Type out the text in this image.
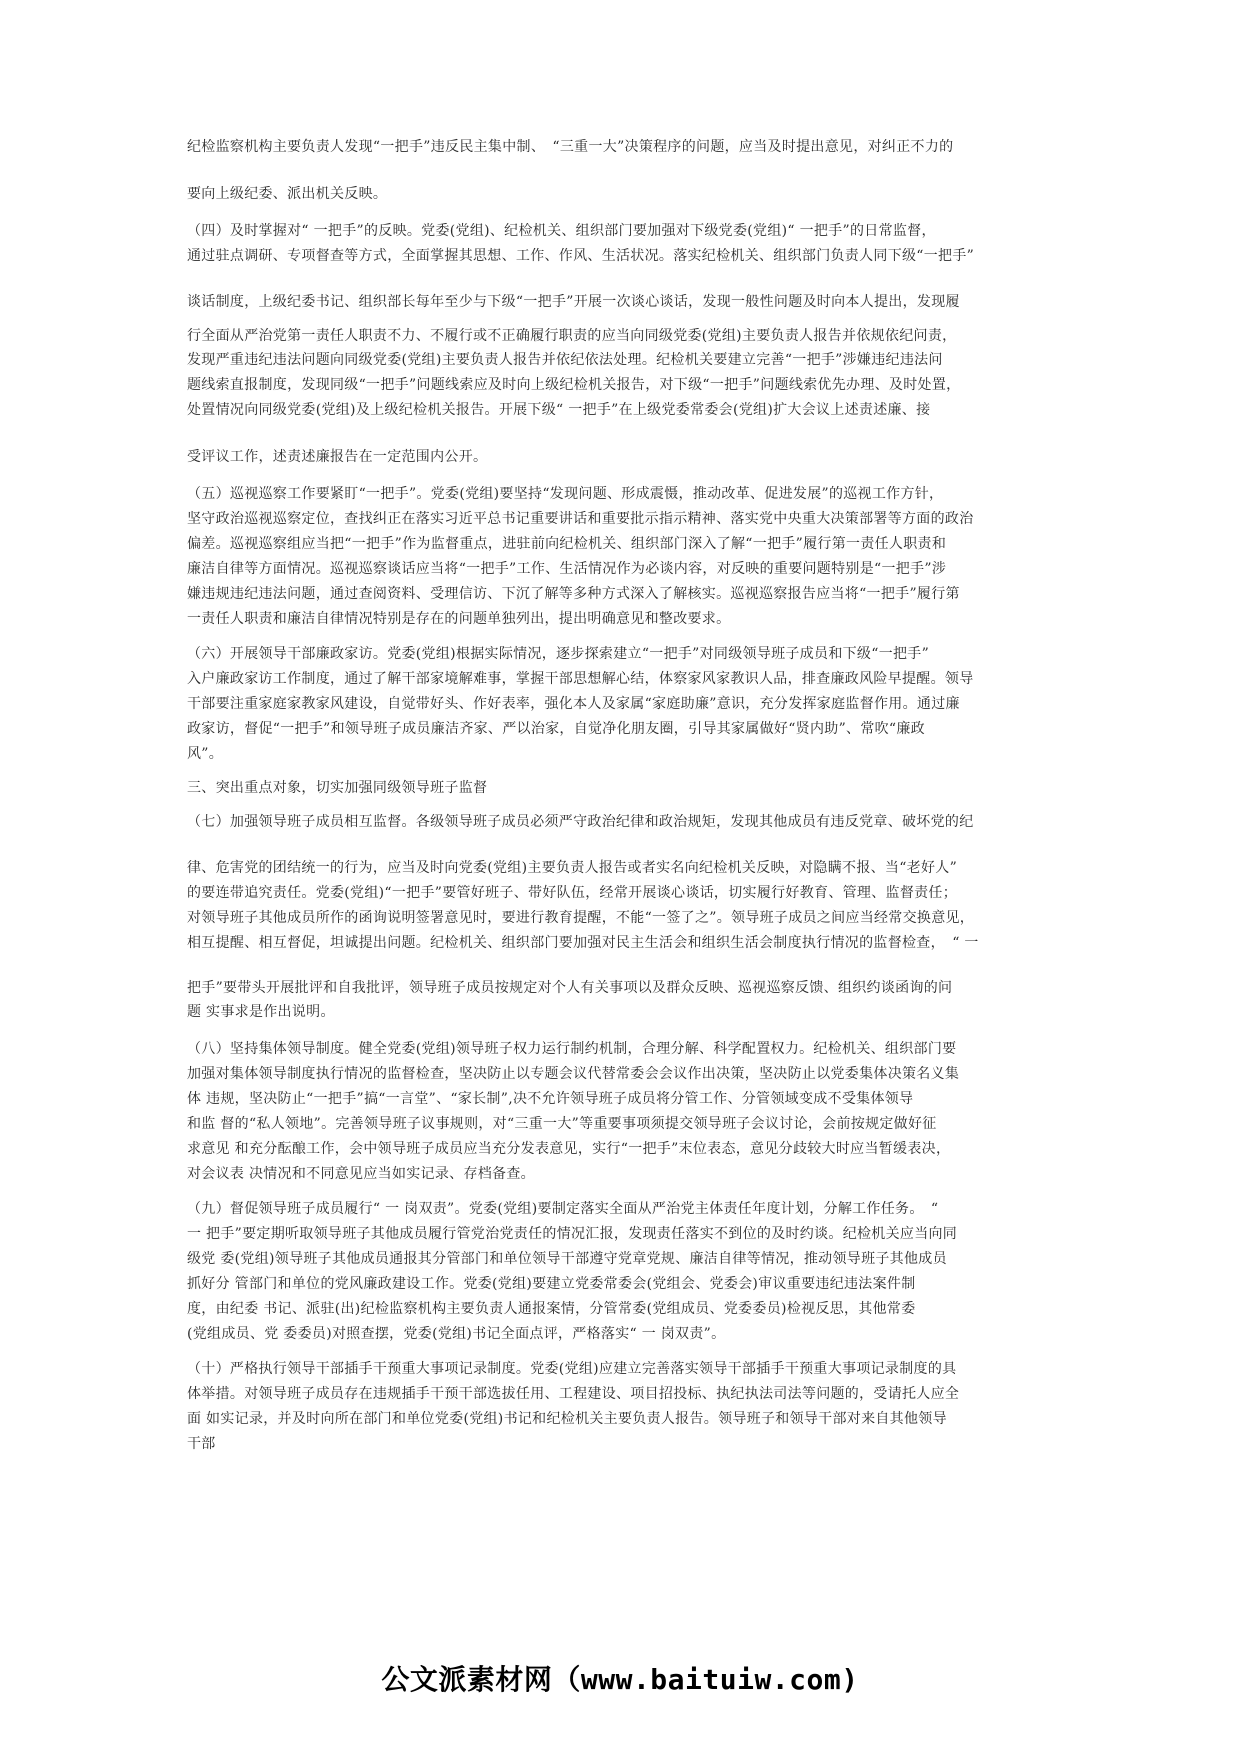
纪检监察机构主要负责人发现“一把手”违反民主集中制、　“三重一大”决策程序的问题，应当及时提出意见，对纠正不力的

要向上级纪委、派出机关反映。

（四）及时掌握对“ 一把手”的反映。党委(党组)、纪检机关、组织部门要加强对下级党委(党组)“ 一把手”的日常监督，

通过驻点调研、专项督查等方式，全面掌握其思想、工作、作风、生活状况。落实纪检机关、组织部门负责人同下级“一把手”

谈话制度，上级纪委书记、组织部长每年至少与下级“一把手”开展一次谈心谈话，发现一般性问题及时向本人提出，发现履

行全面从严治党第一责任人职责不力、不履行或不正确履行职责的应当向同级党委(党组)主要负责人报告并依规依纪问责，

发现严重违纪违法问题向同级党委(党组)主要负责人报告并依纪依法处理。纪检机关要建立完善“一把手”涉嫌违纪违法问

题线索直报制度，发现同级“一把手”问题线索应及时向上级纪检机关报告，对下级“一把手”问题线索优先办理、及时处置，

处置情况向同级党委(党组)及上级纪检机关报告。开展下级“ 一把手”在上级党委常委会(党组)扩大会议上述责述廉、接

受评议工作，述责述廉报告在一定范围内公开。

（五）巡视巡察工作要紧盯“一把手”。党委(党组)要坚持“发现问题、形成震慑，推动改革、促进发展”的巡视工作方针，

坚守政治巡视巡察定位，查找纠正在落实习近平总书记重要讲话和重要批示指示精神、落实党中央重大决策部署等方面的政治

偏差。巡视巡察组应当把“一把手”作为监督重点，进驻前向纪检机关、组织部门深入了解“一把手”履行第一责任人职责和

廉洁自律等方面情况。巡视巡察谈话应当将“一把手”工作、生活情况作为必谈内容，对反映的重要问题特别是“一把手”涉

嫌违规违纪违法问题，通过查阅资料、受理信访、下沉了解等多种方式深入了解核实。巡视巡察报告应当将“一把手”履行第

一责任人职责和廉洁自律情况特别是存在的问题单独列出，提出明确意见和整改要求。

（六）开展领导干部廉政家访。党委(党组)根据实际情况，逐步探索建立“一把手”对同级领导班子成员和下级“一把手”

入户廉政家访工作制度，通过了解干部家境解难事，掌握干部思想解心结，体察家风家教识人品，排查廉政风险早提醒。领导

干部要注重家庭家教家风建设，自觉带好头、作好表率，强化本人及家属“家庭助廉”意识，充分发挥家庭监督作用。通过廉

政家访，督促“一把手”和领导班子成员廉洁齐家、严以治家，自觉净化朋友圈，引导其家属做好“贤内助”、常吹“廉政

风”。

三、突出重点对象，切实加强同级领导班子监督

（七）加强领导班子成员相互监督。各级领导班子成员必须严守政治纪律和政治规矩，发现其他成员有违反党章、破坏党的纪

律、危害党的团结统一的行为，应当及时向党委(党组)主要负责人报告或者实名向纪检机关反映，对隐瞒不报、当“老好人”

的要连带追究责任。党委(党组)“一把手”要管好班子、带好队伍，经常开展谈心谈话，切实履行好教育、管理、监督责任；

对领导班子其他成员所作的函询说明签署意见时，要进行教育提醒，不能“一签了之”。领导班子成员之间应当经常交换意见，

相互提醒、相互督促，坦诚提出问题。纪检机关、组织部门要加强对民主生活会和组织生活会制度执行情况的监督检查，　“ 一

把手”要带头开展批评和自我批评，领导班子成员按规定对个人有关事项以及群众反映、巡视巡察反馈、组织约谈函询的问

题 实事求是作出说明。

（八）坚持集体领导制度。健全党委(党组)领导班子权力运行制约机制，合理分解、科学配置权力。纪检机关、组织部门要

加强对集体领导制度执行情况的监督检查，坚决防止以专题会议代替常委会会议作出决策，坚决防止以党委集体决策名义集

体 违规，坚决防止“一把手”搞“一言堂”、“家长制”,决不允许领导班子成员将分管工作、分管领域变成不受集体领导

和监 督的“私人领地”。完善领导班子议事规则，对“三重一大”等重要事项须提交领导班子会议讨论，会前按规定做好征

求意见 和充分酝酿工作，会中领导班子成员应当充分发表意见，实行“一把手”末位表态，意见分歧较大时应当暂缓表决，

对会议表 决情况和不同意见应当如实记录、存档备查。

（九）督促领导班子成员履行“ 一 岗双责”。党委(党组)要制定落实全面从严治党主体责任年度计划，分解工作任务。　“

一 把手”要定期听取领导班子其他成员履行管党治党责任的情况汇报，发现责任落实不到位的及时约谈。纪检机关应当向同

级党 委(党组)领导班子其他成员通报其分管部门和单位领导干部遵守党章党规、廉洁自律等情况，推动领导班子其他成员

抓好分 管部门和单位的党风廉政建设工作。党委(党组)要建立党委常委会(党组会、党委会)审议重要违纪违法案件制

度，由纪委 书记、派驻(出)纪检监察机构主要负责人通报案情，分管常委(党组成员、党委委员)检视反思，其他常委

(党组成员、党 委委员)对照查摆，党委(党组)书记全面点评，严格落实“ 一 岗双责”。

（十）严格执行领导干部插手干预重大事项记录制度。党委(党组)应建立完善落实领导干部插手干预重大事项记录制度的具

体举措。对领导班子成员存在违规插手干预干部选拔任用、工程建设、项目招投标、执纪执法司法等问题的，受请托人应全

面 如实记录，并及时向所在部门和单位党委(党组)书记和纪检机关主要负责人报告。领导班子和领导干部对来自其他领导

干部

公文派素材网（www.baituiw.com)
